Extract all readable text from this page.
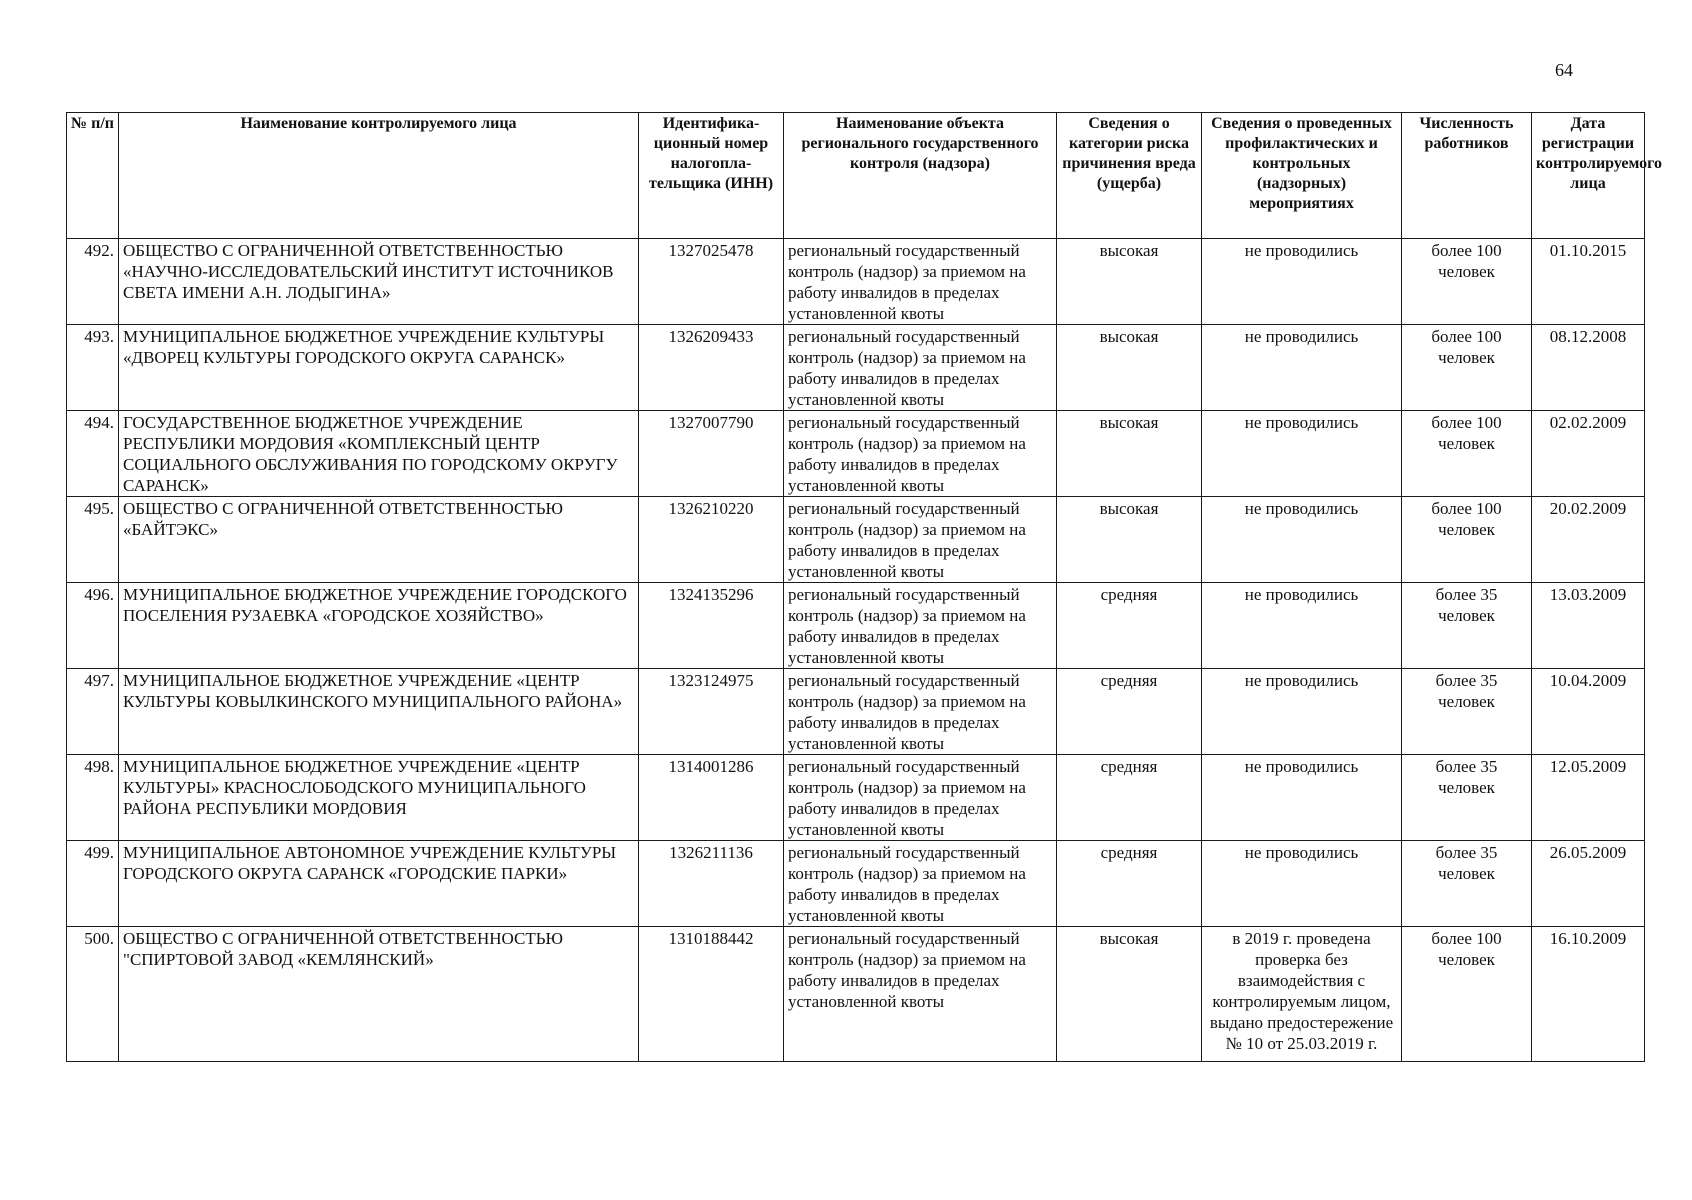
64
№ п/п	Наименование контролируемого лица	Идентифика-ционный номер налогопла-тельщика (ИНН)	Наименование объекта регионального государственного контроля (надзора)	Сведения о категории риска причинения вреда (ущерба)	Сведения о проведенных профилактических и контрольных (надзорных) мероприятиях	Численность работников	Дата регистрации контролируемого лица
492.	ОБЩЕСТВО С ОГРАНИЧЕННОЙ ОТВЕТСТВЕННОСТЬЮ «НАУЧНО-ИССЛЕДОВАТЕЛЬСКИЙ ИНСТИТУТ ИСТОЧНИКОВ СВЕТА ИМЕНИ А.Н. ЛОДЫГИНА»	1327025478	региональный государственный контроль (надзор) за приемом на работу инвалидов в пределах установленной квоты	высокая	не проводились	более 100 человек	01.10.2015
493.	МУНИЦИПАЛЬНОЕ БЮДЖЕТНОЕ УЧРЕЖДЕНИЕ КУЛЬТУРЫ «ДВОРЕЦ КУЛЬТУРЫ ГОРОДСКОГО ОКРУГА САРАНСК»	1326209433	региональный государственный контроль (надзор) за приемом на работу инвалидов в пределах установленной квоты	высокая	не проводились	более 100 человек	08.12.2008
494.	ГОСУДАРСТВЕННОЕ БЮДЖЕТНОЕ УЧРЕЖДЕНИЕ РЕСПУБЛИКИ МОРДОВИЯ «КОМПЛЕКСНЫЙ ЦЕНТР СОЦИАЛЬНОГО ОБСЛУЖИВАНИЯ ПО ГОРОДСКОМУ ОКРУГУ САРАНСК»	1327007790	региональный государственный контроль (надзор) за приемом на работу инвалидов в пределах установленной квоты	высокая	не проводились	более 100 человек	02.02.2009
495.	ОБЩЕСТВО С ОГРАНИЧЕННОЙ ОТВЕТСТВЕННОСТЬЮ «БАЙТЭКС»	1326210220	региональный государственный контроль (надзор) за приемом на работу инвалидов в пределах установленной квоты	высокая	не проводились	более 100 человек	20.02.2009
496.	МУНИЦИПАЛЬНОЕ БЮДЖЕТНОЕ УЧРЕЖДЕНИЕ ГОРОДСКОГО ПОСЕЛЕНИЯ РУЗАЕВКА «ГОРОДСКОЕ ХОЗЯЙСТВО»	1324135296	региональный государственный контроль (надзор) за приемом на работу инвалидов в пределах установленной квоты	средняя	не проводились	более 35 человек	13.03.2009
497.	МУНИЦИПАЛЬНОЕ БЮДЖЕТНОЕ УЧРЕЖДЕНИЕ «ЦЕНТР КУЛЬТУРЫ КОВЫЛКИНСКОГО МУНИЦИПАЛЬНОГО РАЙОНА»	1323124975	региональный государственный контроль (надзор) за приемом на работу инвалидов в пределах установленной квоты	средняя	не проводились	более 35 человек	10.04.2009
498.	МУНИЦИПАЛЬНОЕ БЮДЖЕТНОЕ УЧРЕЖДЕНИЕ «ЦЕНТР КУЛЬТУРЫ» КРАСНОСЛОБОДСКОГО МУНИЦИПАЛЬНОГО РАЙОНА РЕСПУБЛИКИ МОРДОВИЯ	1314001286	региональный государственный контроль (надзор) за приемом на работу инвалидов в пределах установленной квоты	средняя	не проводились	более 35 человек	12.05.2009
499.	МУНИЦИПАЛЬНОЕ АВТОНОМНОЕ УЧРЕЖДЕНИЕ КУЛЬТУРЫ ГОРОДСКОГО ОКРУГА САРАНСК «ГОРОДСКИЕ ПАРКИ»	1326211136	региональный государственный контроль (надзор) за приемом на работу инвалидов в пределах установленной квоты	средняя	не проводились	более 35 человек	26.05.2009
500.	ОБЩЕСТВО С ОГРАНИЧЕННОЙ ОТВЕТСТВЕННОСТЬЮ "СПИРТОВОЙ ЗАВОД «КЕМЛЯНСКИЙ»	1310188442	региональный государственный контроль (надзор) за приемом на работу инвалидов в пределах установленной квоты	высокая	в 2019 г. проведена проверка без взаимодействия с контролируемым лицом, выдано предостережение № 10 от 25.03.2019 г.	более 100 человек	16.10.2009
